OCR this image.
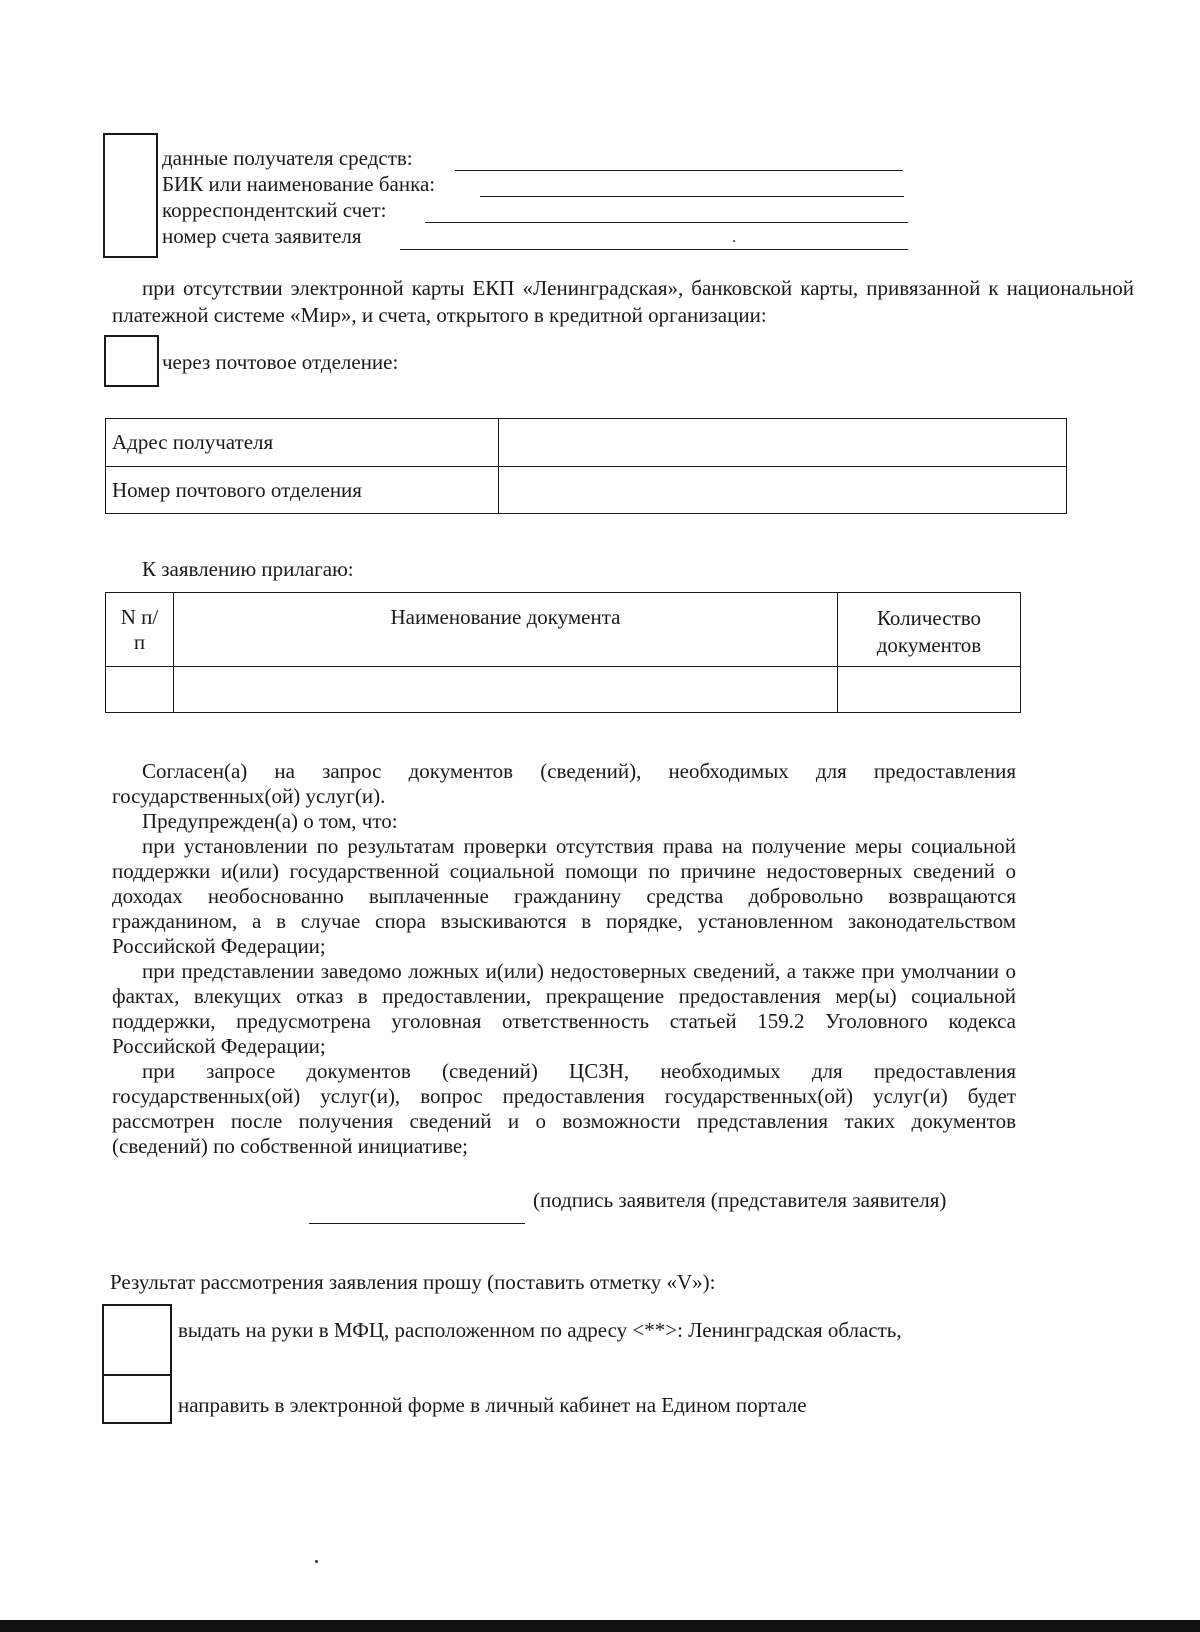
данные получателя средств:
БИК или наименование банка:
корреспондентский счет:
номер счета заявителя
при отсутствии электронной карты ЕКП «Ленинградская», банковской карты, привязанной к национальной платежной системе «Мир», и счета, открытого в кредитной организации:
через почтовое отделение:
Адрес получателя	
Номер почтового отделения	
К заявлению прилагаю:
N п/п	Наименование документа	Количество документов

Согласен(а) на запрос документов (сведений), необходимых для предоставления государственных(ой) услуг(и).
Предупрежден(а) о том, что:
при установлении по результатам проверки отсутствия права на получение меры социальной поддержки и(или) государственной социальной помощи по причине недостоверных сведений о доходах необоснованно выплаченные гражданину средства добровольно возвращаются гражданином, а в случае спора взыскиваются в порядке, установленном законодательством Российской Федерации;
при представлении заведомо ложных и(или) недостоверных сведений, а также при умолчании о фактах, влекущих отказ в предоставлении, прекращение предоставления мер(ы) социальной поддержки, предусмотрена уголовная ответственность статьей 159.2 Уголовного кодекса Российской Федерации;
при запросе документов (сведений) ЦСЗН, необходимых для предоставления государственных(ой) услуг(и), вопрос предоставления государственных(ой) услуг(и) будет рассмотрен после получения сведений и о возможности представления таких документов (сведений) по собственной инициативе;
(подпись заявителя (представителя заявителя)
Результат рассмотрения заявления прошу (поставить отметку «V»):
выдать на руки в МФЦ, расположенном по адресу <**>: Ленинградская область,
направить в электронной форме в личный кабинет на Едином портале
